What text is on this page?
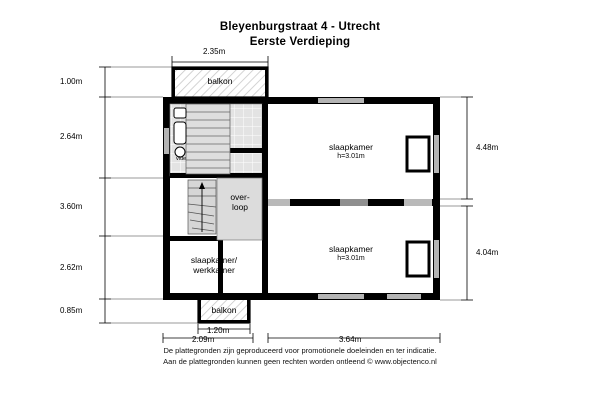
Bleyenburgstraat 4 - Utrecht
Eerste Verdieping
balkon
slaapkamer
h=3.01m
over-
loop
slaapkamer
h=3.01m
slaapkamer/
werkkamer
balkon
vide
1.00m
2.64m
3.60m
2.62m
0.85m
4.48m
4.04m
2.35m
1.20m
2.09m	3.64m
De plattegronden zijn geproduceerd voor promotionele doeleinden en ter indicatie.
Aan de plattegronden kunnen geen rechten worden ontleend © www.objectenco.nl
